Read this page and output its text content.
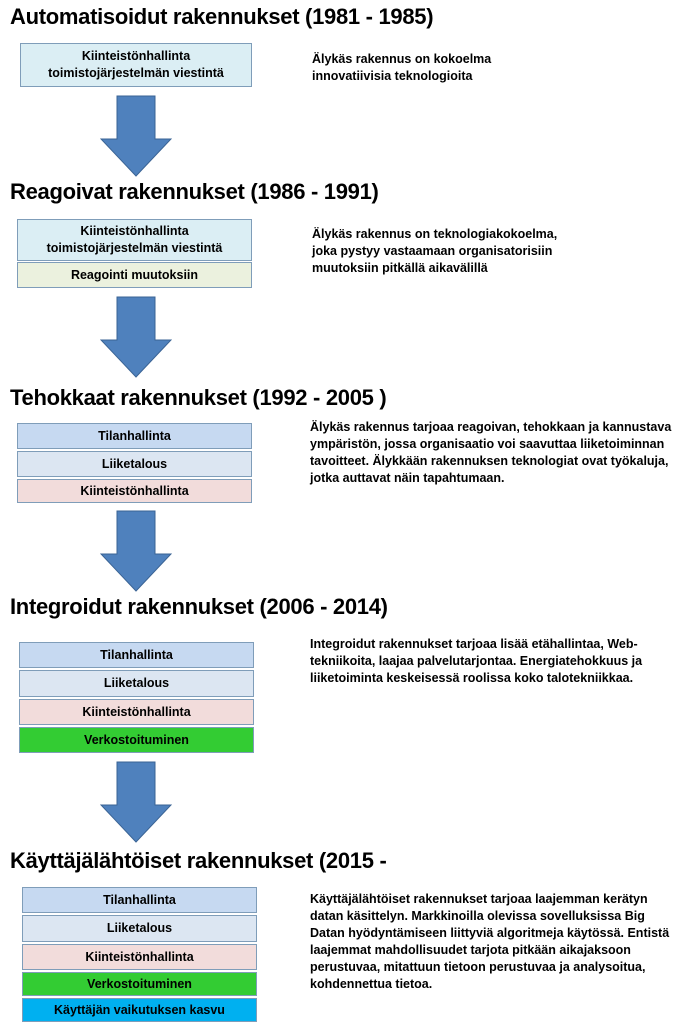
Automatisoidut rakennukset (1981 - 1985)
Kiinteistönhallinta toimistojärjestelmän viestintä
Älykäs rakennus on kokoelma innovatiivisia teknologioita
Reagoivat rakennukset (1986 - 1991)
Kiinteistönhallinta toimistojärjestelmän viestintä
Reagointi muutoksiin
Älykäs rakennus on teknologiakokoelma, joka pystyy vastaamaan organisatorisiin muutoksiin pitkällä aikavälillä
Tehokkaat rakennukset (1992 - 2005 )
Tilanhallinta
Liiketalous
Kiinteistönhallinta
Älykäs rakennus tarjoaa reagoivan, tehokkaan ja kannustava ympäristön, jossa organisaatio voi saavuttaa liiketoiminnan tavoitteet. Älykkään rakennuksen teknologiat ovat työkaluja, jotka auttavat näin tapahtumaan.
Integroidut rakennukset (2006 - 2014)
Tilanhallinta
Liiketalous
Kiinteistönhallinta
Verkostoituminen
Integroidut rakennukset tarjoaa lisää etähallintaa, Web-tekniikoita, laajaa palvelutarjontaa. Energiatehokkuus ja liiketoiminta keskeisessä roolissa koko talotekniikkaa.
Käyttäjälähtöiset rakennukset (2015 -
Tilanhallinta
Liiketalous
Kiinteistönhallinta
Verkostoituminen
Käyttäjän vaikutuksen kasvu
Käyttäjälähtöiset rakennukset tarjoaa laajemman kerätyn datan käsittelyn. Markkinoilla olevissa sovelluksissa Big Datan hyödyntämiseen liittyviä algoritmeja käytössä. Entistä laajemmat mahdollisuudet tarjota pitkään aikajaksoon perustuvaa, mitattuun tietoon perustuvaa ja analysoitua, kohdennettua tietoa.
